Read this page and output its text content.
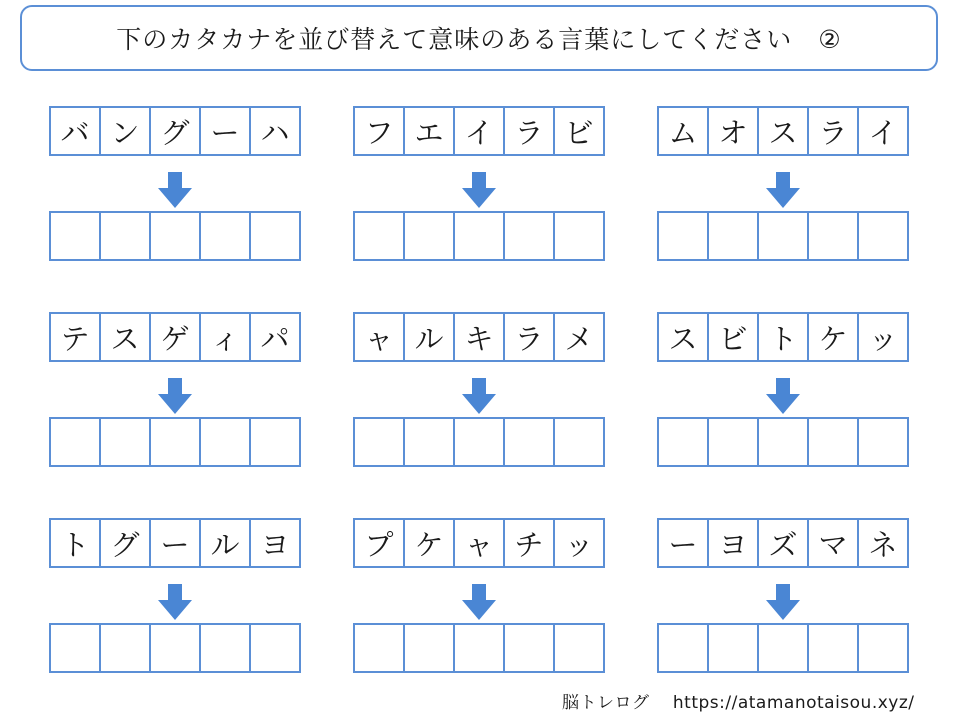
下のカタカナを並び替えて意味のある言葉にしてください　②
バ ン グ ー ハ	フ エ イ ラ ビ	ム オ ス ラ イ
テ ス ゲ ィ パ	ャ ル キ ラ メ	ス ビ ト ケ ッ
ト グ ー ル ヨ	プ ケ ャ チ ッ	ー ヨ ズ マ ネ
脳トレログ　 https://atamanotaisou.xyz/
